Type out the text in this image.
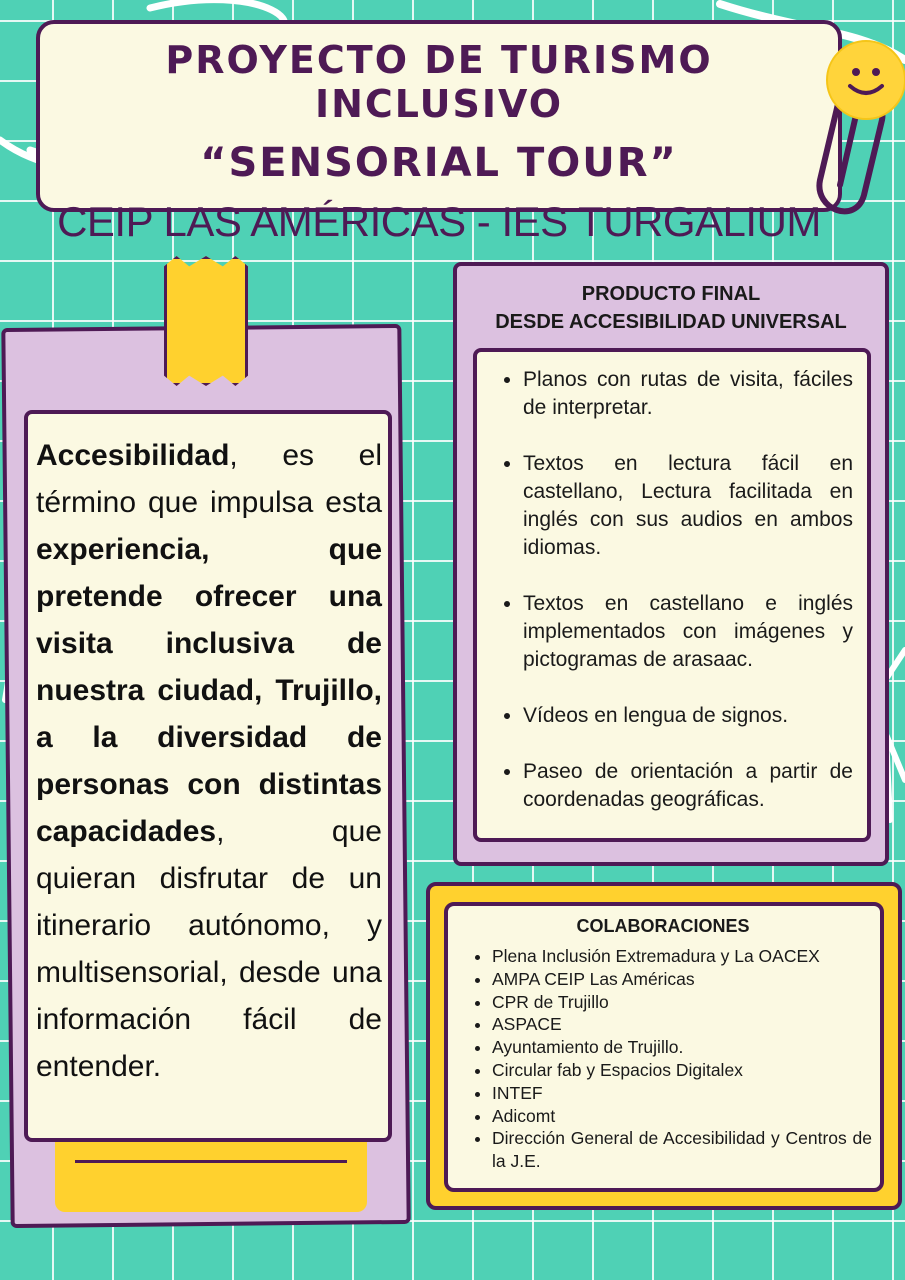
PROYECTO DE TURISMO INCLUSIVO
“SENSORIAL TOUR”
CEIP LAS AMÉRICAS - IES TURGALIUM

Accesibilidad, es el término que impulsa esta experiencia, que pretende ofrecer una visita inclusiva de nuestra ciudad, Trujillo, a la diversidad de personas con distintas capacidades, que quieran disfrutar de un itinerario autónomo, y multisensorial, desde una información fácil de entender.

PRODUCTO FINAL
DESDE ACCESIBILIDAD UNIVERSAL
• Planos con rutas de visita, fáciles de interpretar.
• Textos en lectura fácil en castellano, Lectura facilitada en inglés con sus audios en ambos idiomas.
• Textos en castellano e inglés implementados con imágenes y pictogramas de arasaac.
• Vídeos en lengua de signos.
• Paseo de orientación a partir de coordenadas geográficas.
COLABORACIONES
• Plena Inclusión Extremadura y La OACEX
• AMPA CEIP Las Américas
• CPR de Trujillo
• ASPACE
• Ayuntamiento de Trujillo.
• Circular fab y Espacios Digitalex
• INTEF
• Adicomt
• Dirección General de Accesibilidad y Centros de la J.E.
